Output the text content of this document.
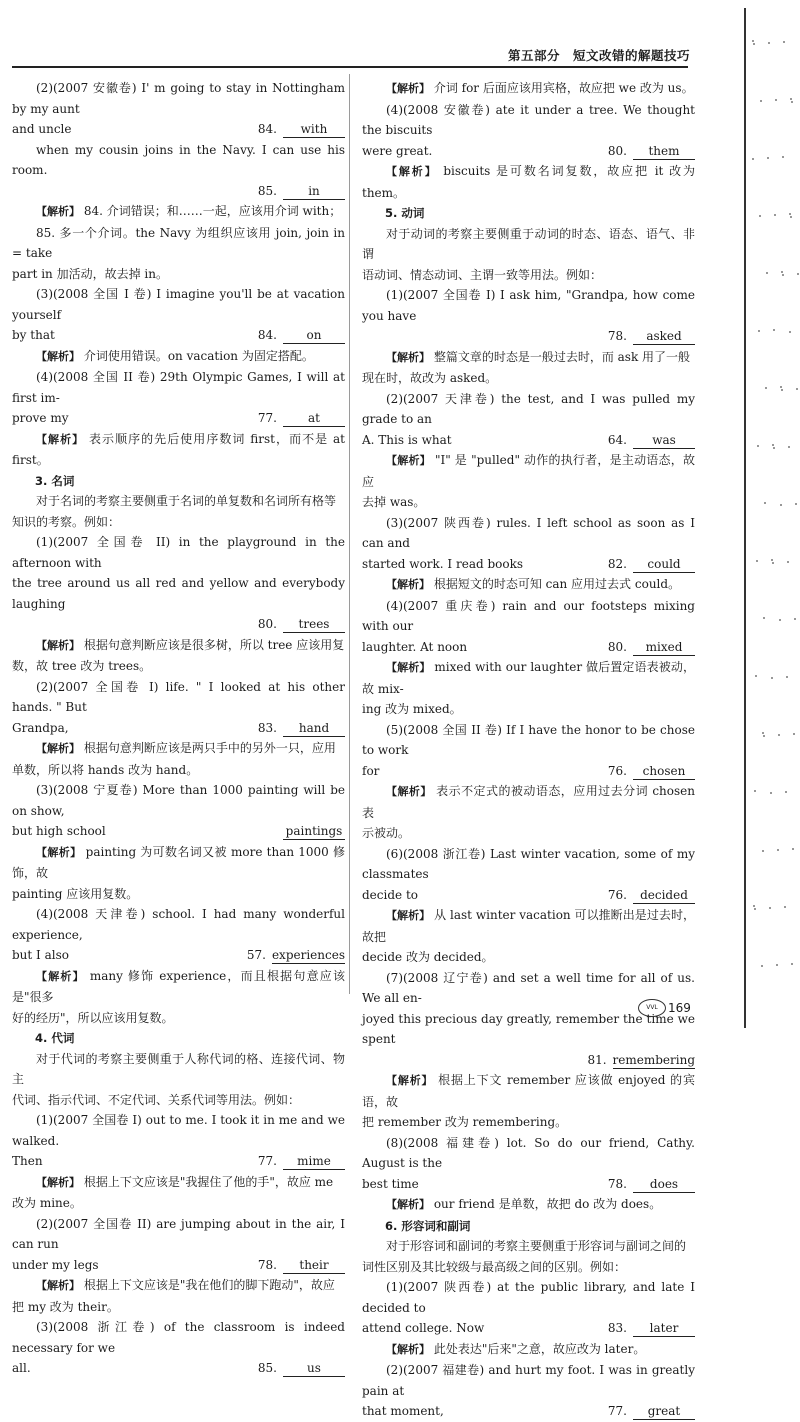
第五部分　短文改错的解题技巧

(2)(2007 安徽卷) I' m going to stay in Nottingham by my aunt

and uncle	84. with

when my cousin joins in the Navy. I can use his room.

85.	in

【解析】 84. 介词错误；和……一起，应该用介词 with；

85. 多一个介词。the Navy 为组织应该用 join, join in = take

part in 加活动，故去掉 in。

(3)(2008 全国 I 卷) I imagine you'll be at vacation yourself

by that	84. on

【解析】 介词使用错误。on vacation 为固定搭配。

(4)(2008 全国 II 卷) 29th Olympic Games, I will at first im-

prove my	77.	at

【解析】 表示顺序的先后使用序数词 first，而不是 at first。

3. 名词

对于名词的考察主要侧重于名词的单复数和名词所有格等

知识的考察。例如：

(1)(2007 全国卷 II) in the playground in the afternoon with

the tree around us all red and yellow and everybody laughing

80. trees

【解析】 根据句意判断应该是很多树，所以 tree 应该用复

数，故 tree 改为 trees。

(2)(2007 全国卷 I) life. " I looked at his other hands. " But

Grandpa,	83. hand

【解析】 根据句意判断应该是两只手中的另外一只，应用

单数，所以将 hands 改为 hand。

(3)(2008 宁夏卷) More than 1000 painting will be on show,

but high school	paintings

【解析】 painting 为可数名词又被 more than 1000 修饰，故

painting 应该用复数。

(4)(2008 天津卷) school. I had many wonderful experience,

but I also	57. experiences

【解析】 many 修饰 experience，而且根据句意应该是"很多

好的经历"，所以应该用复数。

4. 代词

对于代词的考察主要侧重于人称代词的格、连接代词、物主

代词、指示代词、不定代词、关系代词等用法。例如：

(1)(2007 全国卷 I) out to me. I took it in me and we walked.

Then	77. mime

【解析】 根据上下文应该是"我握住了他的手"，故应 me

改为 mine。

(2)(2007 全国卷 II) are jumping about in the air, I can run

under my legs	78. their

【解析】 根据上下文应该是"我在他们的脚下跑动"，故应

把 my 改为 their。

(3)(2008 浙江卷) of the classroom is indeed necessary for we

all.	85.	us

【解析】 介词 for 后面应该用宾格，故应把 we 改为 us。

(4)(2008 安徽卷) ate it under a tree. We thought the biscuits

were great.	80. them

【解析】 biscuits 是可数名词复数，故应把 it 改为 them。

5. 动词

对于动词的考察主要侧重于动词的时态、语态、语气、非谓

语动词、情态动词、主谓一致等用法。例如：

(1)(2007 全国卷 I) I ask him, "Grandpa, how come you have

78. asked

【解析】 整篇文章的时态是一般过去时，而 ask 用了一般

现在时，故改为 asked。

(2)(2007 天津卷) the test, and I was pulled my grade to an

A. This is what	64. was

【解析】 "I" 是 "pulled" 动作的执行者，是主动语态，故应

去掉 was。

(3)(2007 陕西卷) rules. I left school as soon as I can and

started work. I read books	82. could

【解析】 根据短文的时态可知 can 应用过去式 could。

(4)(2007 重庆卷) rain and our footsteps mixing with our

laughter. At noon	80. mixed

【解析】 mixed with our laughter 做后置定语表被动，故 mix-

ing 改为 mixed。

(5)(2008 全国 II 卷) If I have the honor to be chose to work

for	76. chosen

【解析】 表示不定式的被动语态，应用过去分词 chosen 表

示被动。

(6)(2008 浙江卷) Last winter vacation, some of my classmates

decide to	76. decided

【解析】 从 last winter vacation 可以推断出是过去时，故把

decide 改为 decided。

(7)(2008 辽宁卷) and set a well time for all of us. We all en-

joyed this precious day greatly, remember the time we spent

81. remembering

【解析】 根据上下文 remember 应该做 enjoyed 的宾语，故

把 remember 改为 remembering。

(8)(2008 福建卷) lot. So do our friend, Cathy. August is the

best time	78. does

【解析】 our friend 是单数，故把 do 改为 does。

6. 形容词和副词

对于形容词和副词的考察主要侧重于形容词与副词之间的

词性区别及其比较级与最高级之间的区别。例如：

(1)(2007 陕西卷) at the public library, and late I decided to

attend college. Now	83. later

【解析】 此处表达"后来"之意，故应改为 later。

(2)(2007 福建卷) and hurt my foot. I was in greatly pain at

that moment,	77. great
VVL 169
